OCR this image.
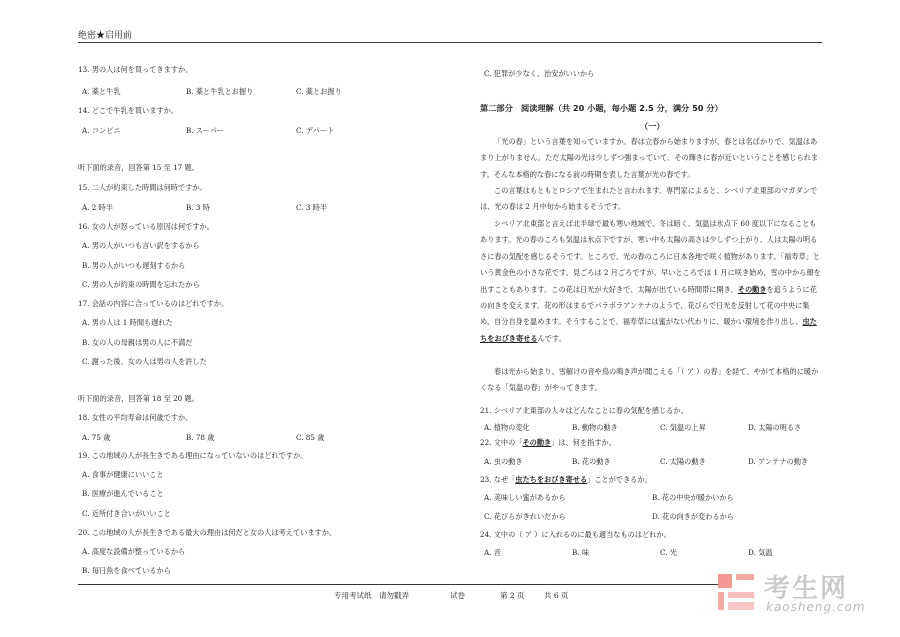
绝密★启用前
13. 男の人は何を買ってきますか。
A. 薬と牛乳	B. 薬と牛乳とお握り	C. 薬とお握り
14. どこで牛乳を買いますか。
A. コンビニ	B. スーパー	C. デパート
听下面的录音，回答第 15 至 17 题。
15. 二人が約束した時間は何時ですか。
A. 2 時半	B. 3 時	C. 3 時半
16. 女の人が怒っている原因は何ですか。
A. 男の人がいつも言い訳をするから
B. 男の人がいつも遅刻するから
C. 男の人が約束の時間を忘れたから
17. 会話の内容に合っているのはどれですか。
A. 男の人は 1 時間も遅れた
B. 女の人の母親は男の人に不満だ
C. 謝った後、女の人は男の人を許した
听下面的录音，回答第 18 至 20 题。
18. 女性の平均寿命は何歳ですか。
A. 75 歳	B. 78 歳	C. 85 歳
19. この地域の人が長生きである理由になっていないのはどれですか。
A. 食事が健康にいいこと
B. 医療が進んでいること
C. 近所付き合いがいいこと
20. この地域の人が長生きである最大の理由は何だと女の人は考えていますか。
A. 高度な設備が整っているから
B. 毎日魚を食べているから
C. 犯罪が少なく、治安がいいから
第二部分　阅读理解（共 20 小题，每小题 2.5 分，满分 50 分）
（一）
「光の春」という言葉を知っていますか。春は立春から始まりますが、春とは名ばかりで、気温はあまり上がりません。ただ太陽の光は少しずつ強まっていて、その輝きに春が近いということを感じられます。そんな本格的な春になる前の時期を表した言葉が光の春です。
この言葉はもともとロシアで生まれたと言われます。専門家によると、シベリア北東部のマガダンでは、光の春は 2 月中旬から始まるそうです。
シベリア北東部と言えば北半球で最も寒い地域で、冬は暗く、気温は氷点下 60 度以下になることもあります。光の春のころも気温は氷点下ですが、寒い中も太陽の高さは少しずつ上がり、人は太陽の明るさに春の気配を感じるそうです。ところで、光の春のころに日本各地で咲く植物があります。「福寿草」という黄金色の小さな花です。見ごろは 2 月ごろですが、早いところでは 1 月に咲き始め、雪の中から顔を出すこともあります。この花は日光が大好きで、太陽が出ている時間帯に開き、その動きを追うように花の向きを変えます。花の形はまるでパラボラアンテナのようで、花びらで日光を反射して花の中央に集め、自分自身を温めます。そうすることで、福寿草には蜜がない代わりに、暖かい環境を作り出し、虫たちをおびき寄せるんです。
春は光から始まり、雪解けの音や鳥の鳴き声が聞こえる「（ ア ）の春」を経て、やがて本格的に暖かくなる「気温の春」がやってきます。
21. シベリア北東部の人々はどんなことに春の気配を感じるか。
A. 植物の変化	B. 動物の動き	C. 気温の上昇	D. 太陽の明るさ
22. 文中の「その動き」は、何を指すか。
A. 虫の動き	B. 花の動き	C. 太陽の動き	D. アンテナの動き
23. なぜ「虫たちをおびき寄せる」ことができるか。
A. 美味しい蜜があるから	B. 花の中央が暖かいから
C. 花びらがきれいだから	D. 花の向きが変わるから
24. 文中の（ ア ）に入れるのに最も適当なものはどれか。
A. 音	B. 味	C. 光	D. 気温
专用考试纸　请勿戳弄	试卷	第 2 页	共 6 页	考生网
kaosheng.com
